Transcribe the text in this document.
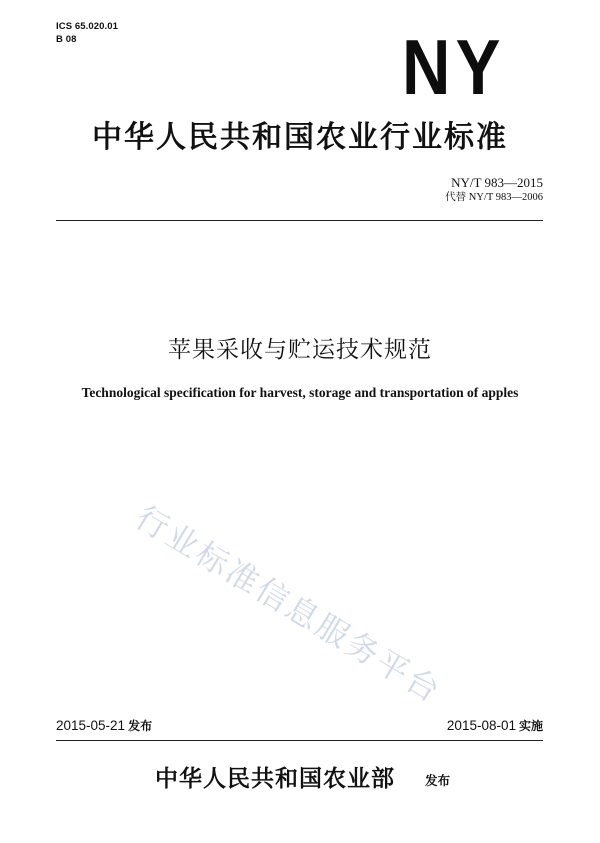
ICS 65.020.01
B 08	NY
中华人民共和国农业行业标准
NY/T 983—2015
代替 NY/T 983—2006
苹果采收与贮运技术规范
Technological specification for harvest, storage and transportation of apples
行业标准信息服务平台
2015-05-21 发布	2015-08-01 实施
中华人民共和国农业部 发布
